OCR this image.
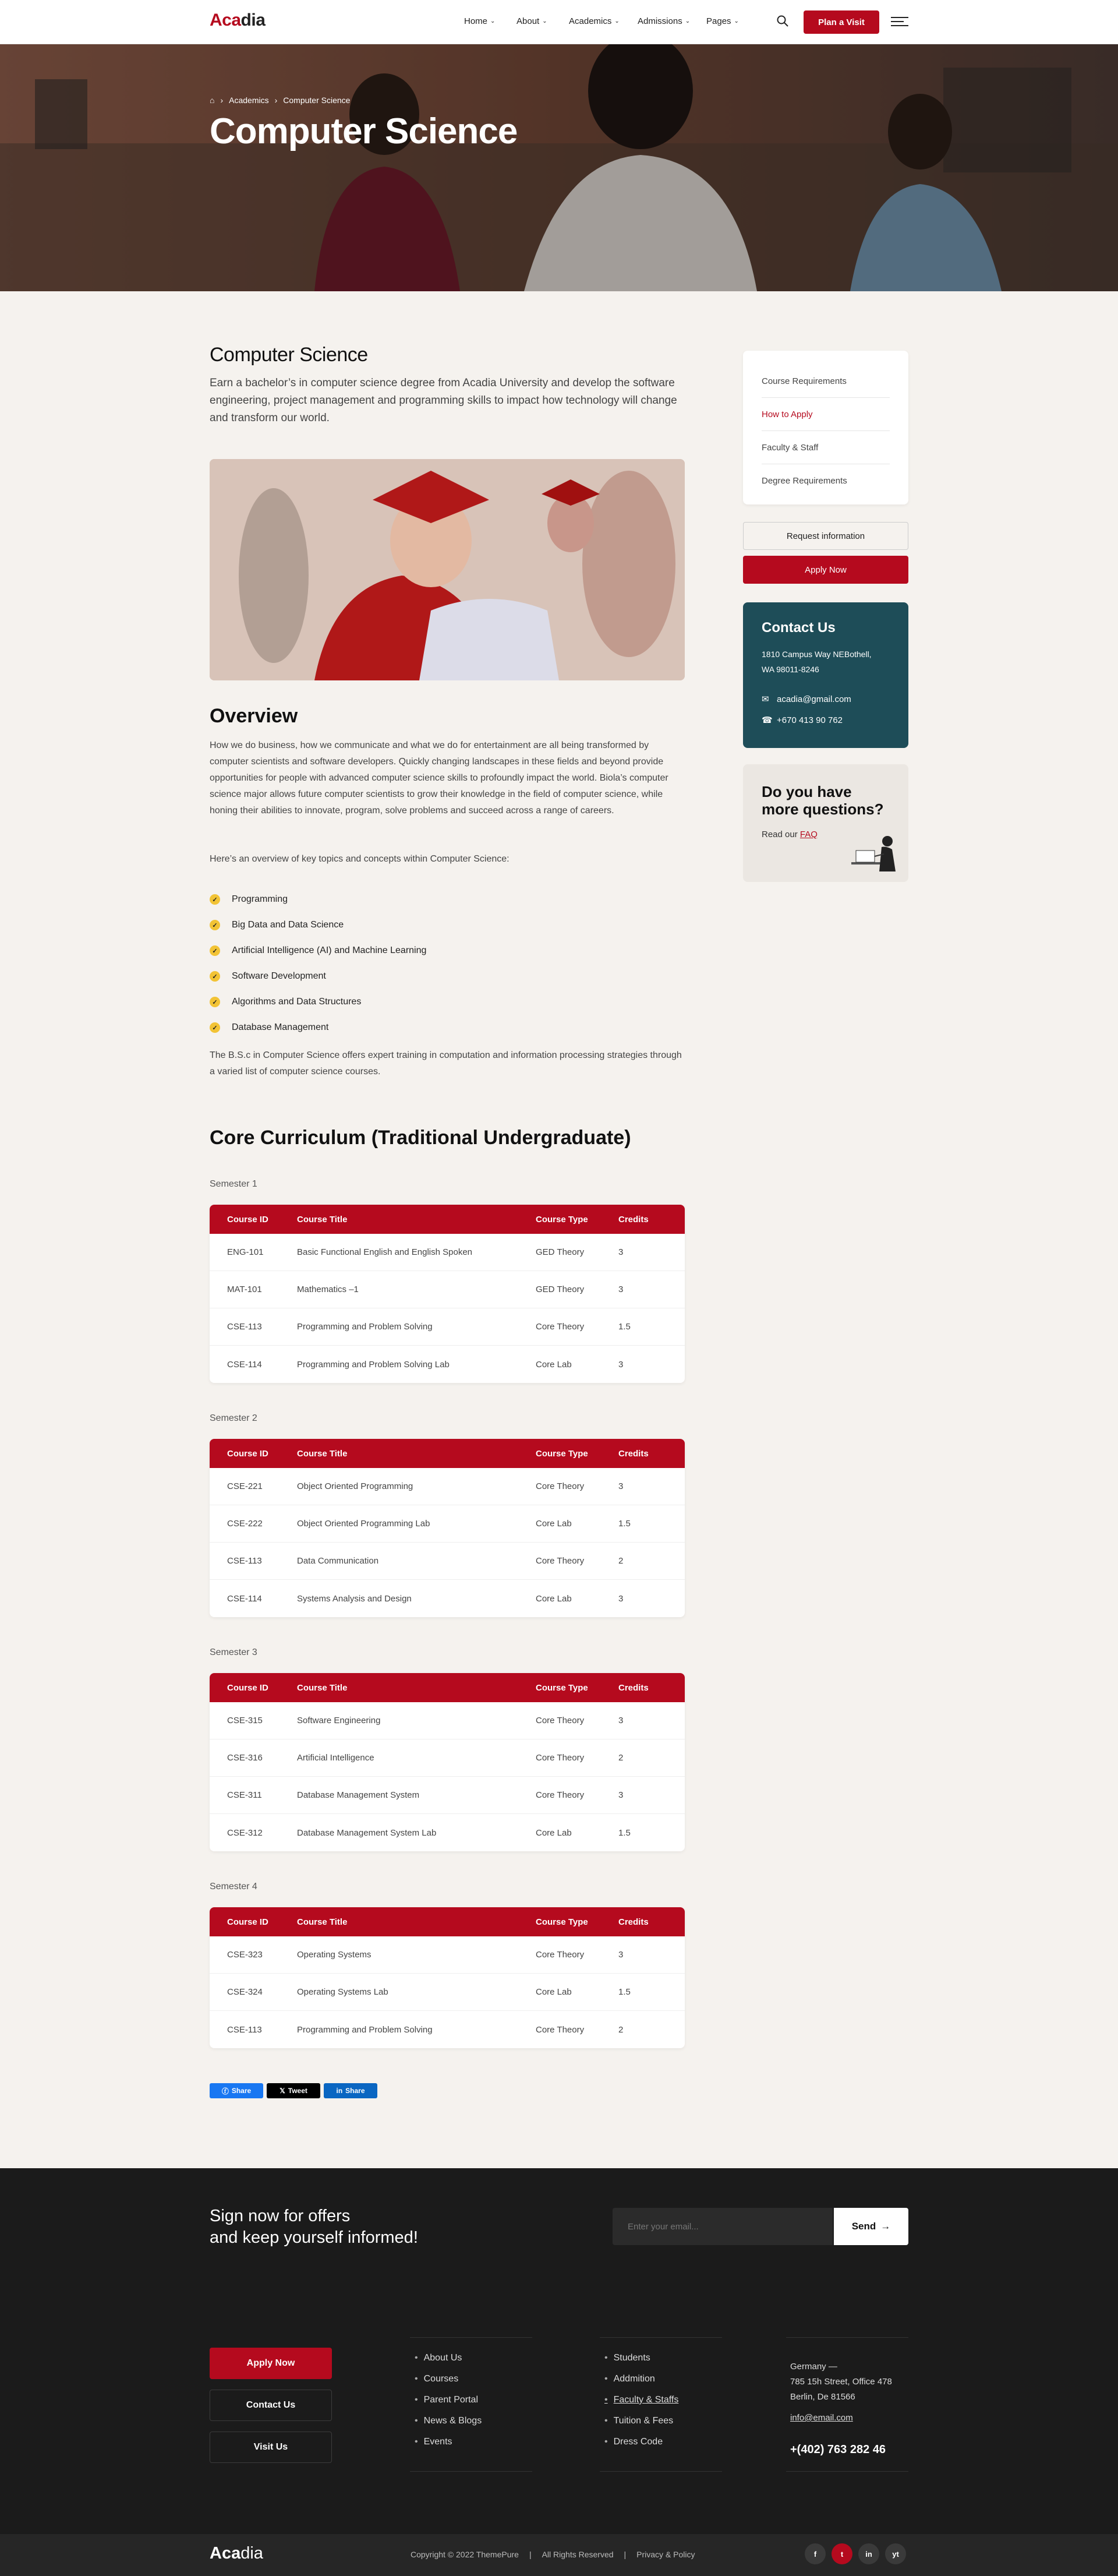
Acadia	Home ⌄ About ⌄ Academics ⌄ Admissions ⌄ Pages ⌄	Plan a Visit
⌂ › Academics › Computer Science
Computer Science
Computer Science

Earn a bachelor’s in computer science degree from Acadia University and develop the software engineering, project management and programming skills to impact how technology will change and transform our world.

Overview

How we do business, how we communicate and what we do for entertainment are all being transformed by computer scientists and software developers. Quickly changing landscapes in these fields and beyond provide opportunities for people with advanced computer science skills to profoundly impact the world. Biola’s computer science major allows future computer scientists to grow their knowledge in the field of computer science, while honing their abilities to innovate, program, solve problems and succeed across a range of careers.

Here’s an overview of key topics and concepts within Computer Science:

✓ Programming
✓ Big Data and Data Science
✓ Artificial Intelligence (AI) and Machine Learning
✓ Software Development
✓ Algorithms and Data Structures
✓ Database Management

The B.S.c in Computer Science offers expert training in computation and information processing strategies through a varied list of computer science courses.

Core Curriculum (Traditional Undergraduate)
Semester 1
Course ID	Course Title	Course Type	Credits
ENG-101	Basic Functional English and English Spoken	GED Theory	3
MAT-101	Mathematics –1	GED Theory	3
CSE-113	Programming and Problem Solving	Core Theory	1.5
CSE-114	Programming and Problem Solving Lab	Core Lab	3
Semester 2
Course ID	Course Title	Course Type	Credits
CSE-221	Object Oriented Programming	Core Theory	3
CSE-222	Object Oriented Programming Lab	Core Lab	1.5
CSE-113	Data Communication	Core Theory	2
CSE-114	Systems Analysis and Design	Core Lab	3
Semester 3
Course ID	Course Title	Course Type	Credits
CSE-315	Software Engineering	Core Theory	3
CSE-316	Artificial Intelligence	Core Theory	2
CSE-311	Database Management System	Core Theory	3
CSE-312	Database Management System Lab	Core Lab	1.5
Semester 4
Course ID	Course Title	Course Type	Credits
CSE-323	Operating Systems	Core Theory	3
CSE-324	Operating Systems Lab	Core Lab	1.5
CSE-113	Programming and Problem Solving	Core Theory	2
ⓕ Share	𝕏 Tweet	in Share
Course Requirements
How to Apply
Faculty & Staff
Degree Requirements
Request information
Apply Now
Contact Us
1810 Campus Way NEBothell,
WA 98011-8246
✉ acadia@gmail.com
☎ +670 413 90 762
Do you have
more questions?

Read our FAQ

Sign now for offers
and keep yourself informed!
Enter your email...
Send →
Apply Now
Contact Us
Visit Us
• About Us
• Courses
• Parent Portal
• News & Blogs
• Events
• Students
• Addmition
• Faculty & Staffs
• Tuition & Fees
• Dress Code
Germany —
785 15h Street, Office 478
Berlin, De 81566
info@email.com
+(402) 763 282 46
Acadia	Copyright © 2022 ThemePure | All Rights Reserved | Privacy & Policy	f	t	in	yt
